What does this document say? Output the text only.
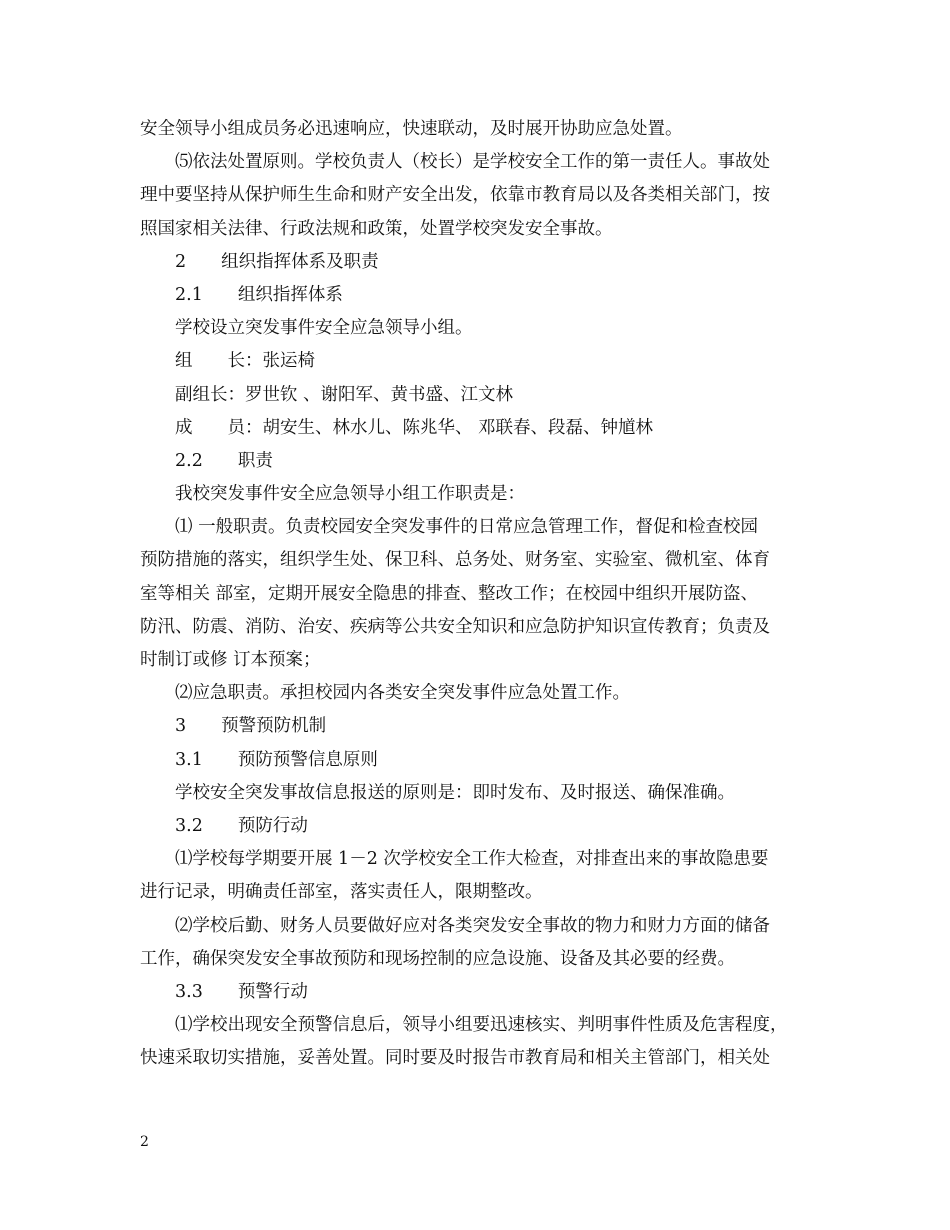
安全领导小组成员务必迅速响应，快速联动，及时展开协助应急处置。
⑸依法处置原则。学校负责人（校长）是学校安全工作的第一责任人。事故处
理中要坚持从保护师生生命和财产安全出发，依靠市教育局以及各类相关部门，按
照国家相关法律、行政法规和政策，处置学校突发安全事故。
2　　组织指挥体系及职责
2.1　　组织指挥体系
学校设立突发事件安全应急领导小组。
组　　长：张运椅
副组长：罗世钦 、谢阳军、黄书盛、江文林
成　　员：胡安生、林水儿、陈兆华、 邓联春、段磊、钟馗林
2.2　　职责
我校突发事件安全应急领导小组工作职责是：
⑴ 一般职责。负责校园安全突发事件的日常应急管理工作，督促和检查校园
预防措施的落实，组织学生处、保卫科、总务处、财务室、实验室、微机室、体育
室等相关 部室，定期开展安全隐患的排查、整改工作；在校园中组织开展防盗、
防汛、防震、消防、治安、疾病等公共安全知识和应急防护知识宣传教育；负责及
时制订或修 订本预案；
⑵应急职责。承担校园内各类安全突发事件应急处置工作。
3　　预警预防机制
3.1　　预防预警信息原则
学校安全突发事故信息报送的原则是：即时发布、及时报送、确保准确。
3.2　　预防行动
⑴学校每学期要开展 1－2 次学校安全工作大检查，对排查出来的事故隐患要
进行记录，明确责任部室，落实责任人，限期整改。
⑵学校后勤、财务人员要做好应对各类突发安全事故的物力和财力方面的储备
工作，确保突发安全事故预防和现场控制的应急设施、设备及其必要的经费。
3.3　　预警行动
⑴学校出现安全预警信息后，领导小组要迅速核实、判明事件性质及危害程度，
快速采取切实措施，妥善处置。同时要及时报告市教育局和相关主管部门，相关处
2
